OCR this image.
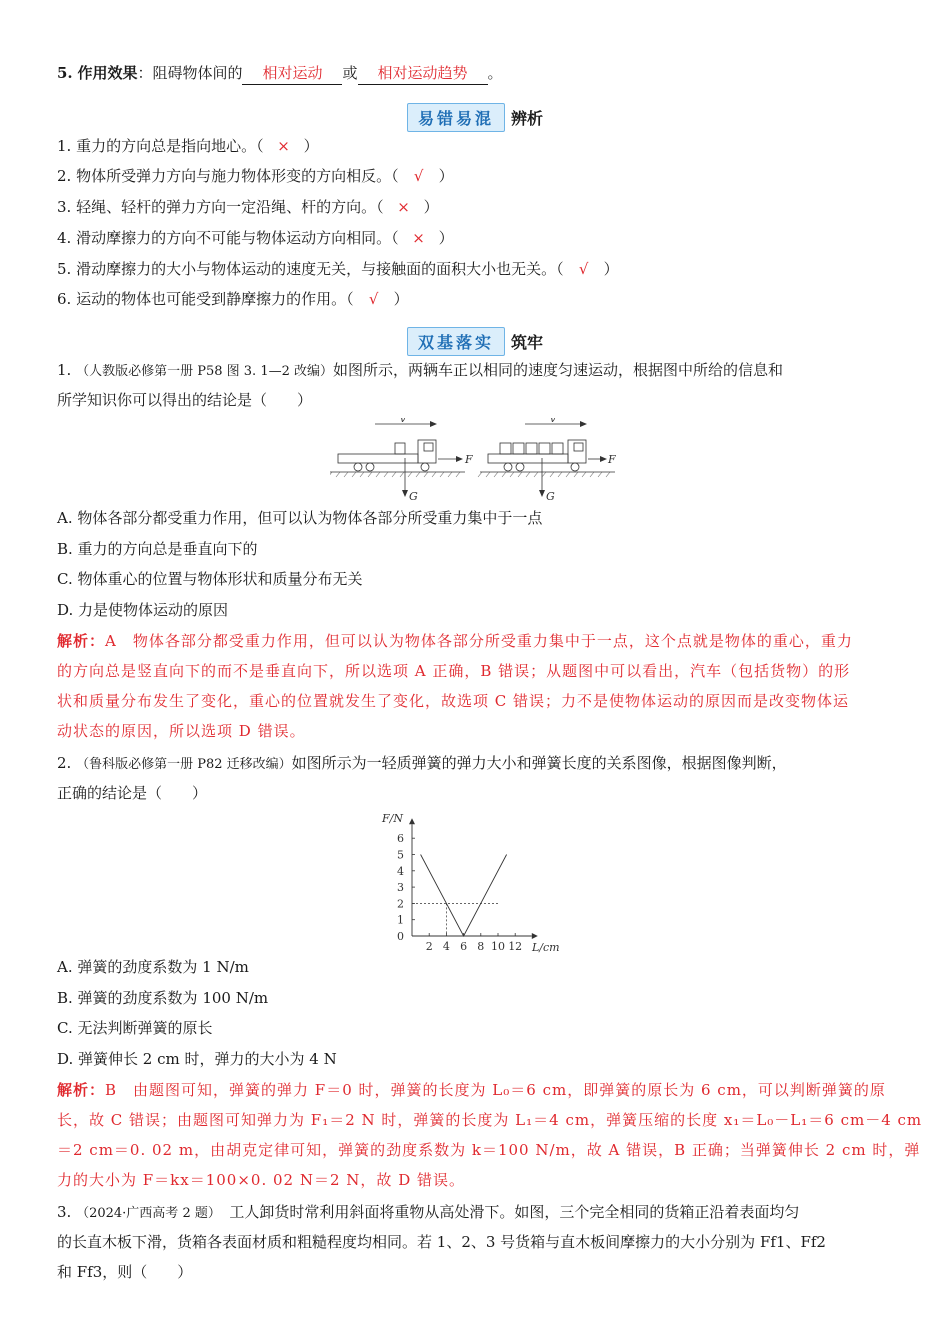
5. 作用效果：阻碍物体间的 相对运动 或 相对运动趋势 。
易错易混	辨析
1. 重力的方向总是指向地心。（ × ）
2. 物体所受弹力方向与施力物体形变的方向相反。（ √ ）
3. 轻绳、轻杆的弹力方向一定沿绳、杆的方向。（ × ）
4. 滑动摩擦力的方向不可能与物体运动方向相同。（ × ）
5. 滑动摩擦力的大小与物体运动的速度无关，与接触面的面积大小也无关。（ √ ）
6. 运动的物体也可能受到静摩擦力的作用。（ √ ）
双基落实	筑牢
1. （人教版必修第一册 P58 图 3. 1—2 改编）如图所示，两辆车正以相同的速度匀速运动，根据图中所给的信息和
所学知识你可以得出的结论是（　　）
v
F
G
v
F
G
A. 物体各部分都受重力作用，但可以认为物体各部分所受重力集中于一点
B. 重力的方向总是垂直向下的
C. 物体重心的位置与物体形状和质量分布无关
D. 力是使物体运动的原因
解析：A　物体各部分都受重力作用，但可以认为物体各部分所受重力集中于一点，这个点就是物体的重心，重力
的方向总是竖直向下的而不是垂直向下，所以选项 A 正确，B 错误；从题图中可以看出，汽车（包括货物）的形
状和质量分布发生了变化，重心的位置就发生了变化，故选项 C 错误；力不是使物体运动的原因而是改变物体运
动状态的原因，所以选项 D 错误。
2. （鲁科版必修第一册 P82 迁移改编）如图所示为一轻质弹簧的弹力大小和弹簧长度的关系图像，根据图像判断，
正确的结论是（　　）
0
1
2
3
4
5
6
2 4 6 8 10 12
F/N
L/cm
A. 弹簧的劲度系数为 1 N/m
B. 弹簧的劲度系数为 100 N/m
C. 无法判断弹簧的原长
D. 弹簧伸长 2 cm 时，弹力的大小为 4 N
解析：B　由题图可知，弹簧的弹力 F＝0 时，弹簧的长度为 L₀＝6 cm，即弹簧的原长为 6 cm，可以判断弹簧的原
长，故 C 错误；由题图可知弹力为 F₁＝2 N 时，弹簧的长度为 L₁＝4 cm，弹簧压缩的长度 x₁＝L₀－L₁＝6 cm－4 cm
＝2 cm＝0. 02 m，由胡克定律可知，弹簧的劲度系数为 k＝100 N/m，故 A 错误，B 正确；当弹簧伸长 2 cm 时，弹
力的大小为 F＝kx＝100×0. 02 N＝2 N，故 D 错误。
3. （2024·广西高考 2 题）　 工人卸货时常利用斜面将重物从高处滑下。如图，三个完全相同的货箱正沿着表面均匀
的长直木板下滑，货箱各表面材质和粗糙程度均相同。若 1、2、3 号货箱与直木板间摩擦力的大小分别为 Ff1、Ff2
和 Ff3，则（　　）
